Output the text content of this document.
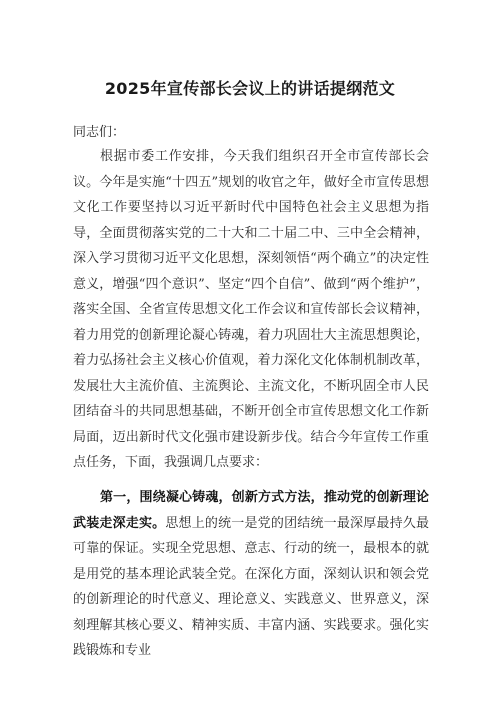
2025年宣传部长会议上的讲话提纲范文
同志们：
根据市委工作安排，今天我们组织召开全市宣传部长会议。今年是实施“十四五”规划的收官之年，做好全市宣传思想文化工作要坚持以习近平新时代中国特色社会主义思想为指导，全面贯彻落实党的二十大和二十届二中、三中全会精神，深入学习贯彻习近平文化思想，深刻领悟“两个确立”的决定性意义，增强“四个意识”、坚定“四个自信”、做到“两个维护”，落实全国、全省宣传思想文化工作会议和宣传部长会议精神，着力用党的创新理论凝心铸魂，着力巩固壮大主流思想舆论，着力弘扬社会主义核心价值观，着力深化文化体制机制改革，发展壮大主流价值、主流舆论、主流文化，不断巩固全市人民团结奋斗的共同思想基础，不断开创全市宣传思想文化工作新局面，迈出新时代文化强市建设新步伐。结合今年宣传工作重点任务，下面，我强调几点要求：
第一，围绕凝心铸魂，创新方式方法，推动党的创新理论武装走深走实。思想上的统一是党的团结统一最深厚最持久最可靠的保证。实现全党思想、意志、行动的统一，最根本的就是用党的基本理论武装全党。在深化方面，深刻认识和领会党的创新理论的时代意义、理论意义、实践意义、世界意义，深刻理解其核心要义、精神实质、丰富内涵、实践要求。强化实践锻炼和专业
